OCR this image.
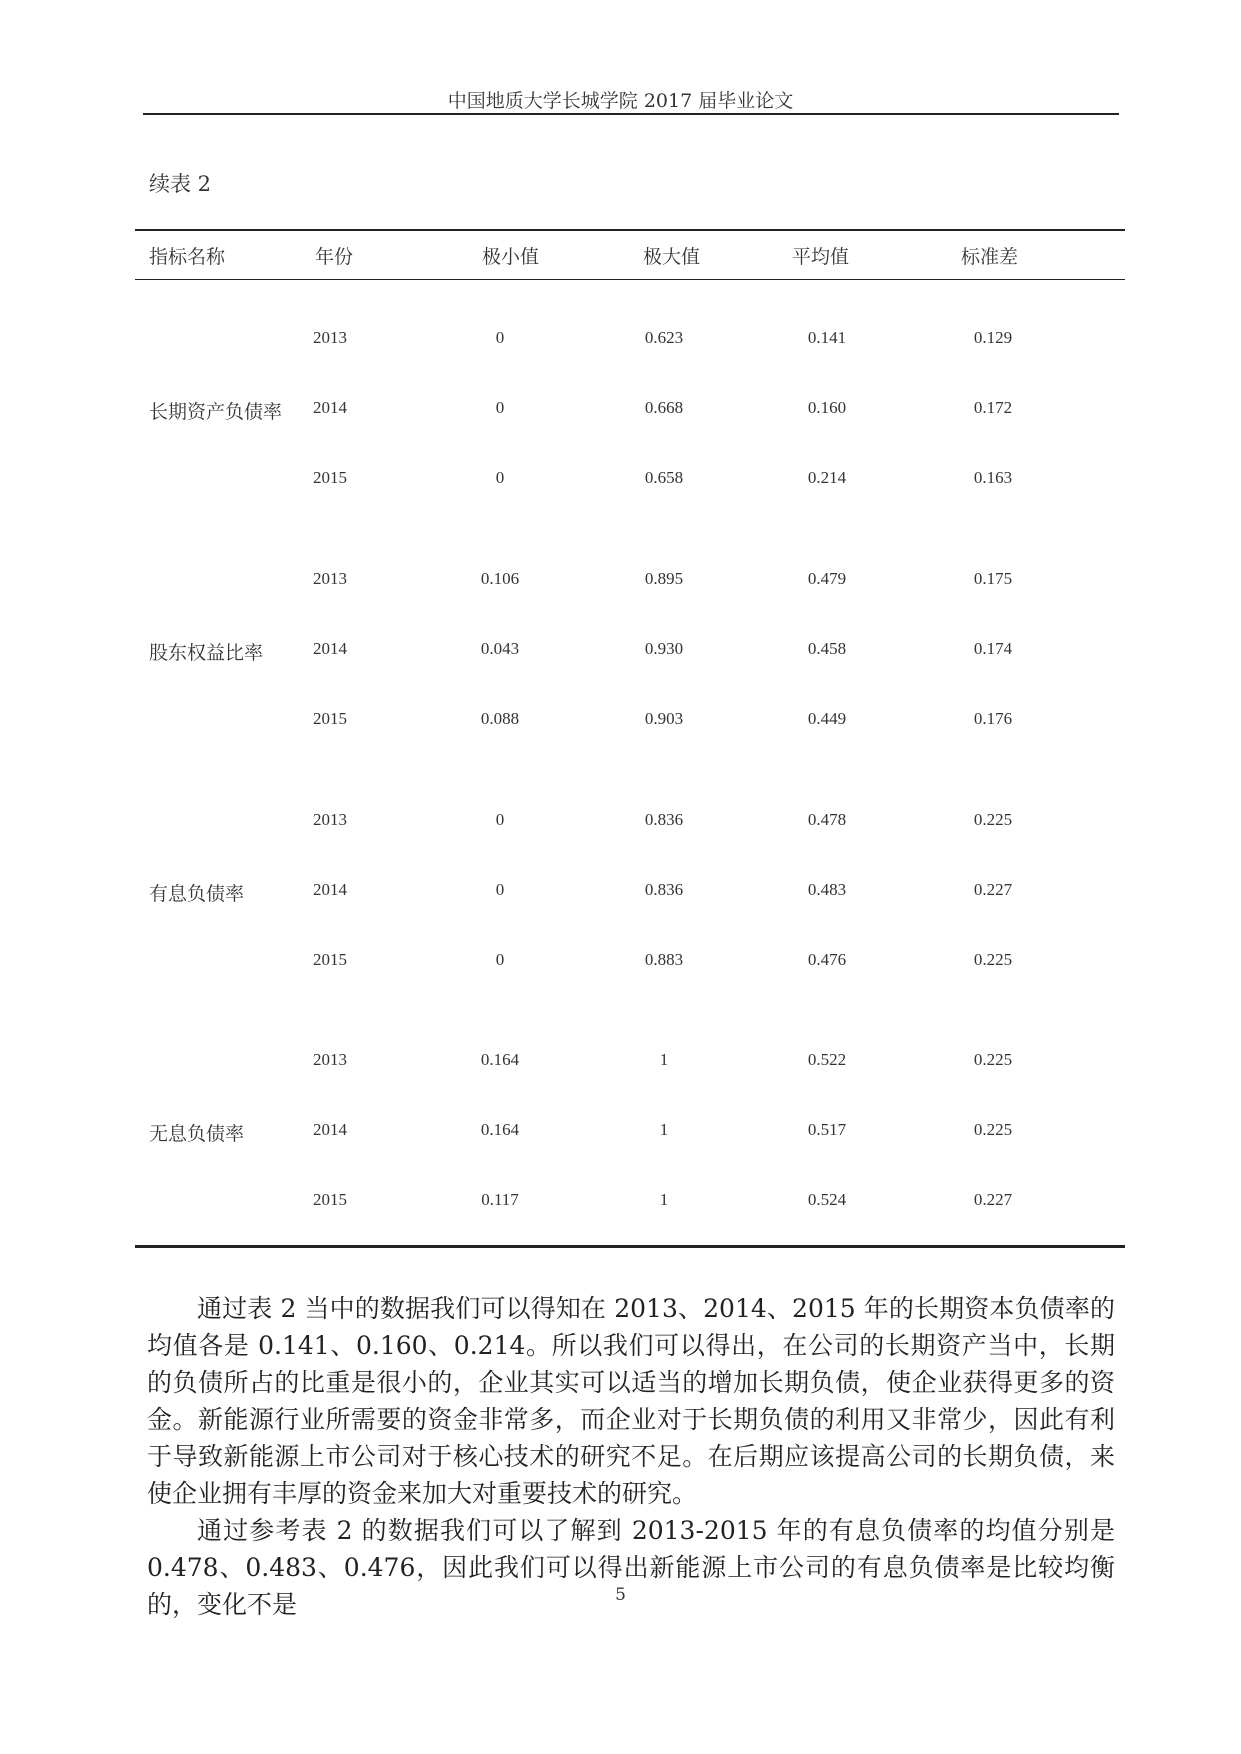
中国地质大学长城学院 2017 届毕业论文
续表 2
指标名称	年份	极小值	极大值	平均值	标准差
长期资产负债率
2013	0	0.623	0.141	0.129
2014	0	0.668	0.160	0.172
2015	0	0.658	0.214	0.163
股东权益比率
2013	0.106	0.895	0.479	0.175
2014	0.043	0.930	0.458	0.174
2015	0.088	0.903	0.449	0.176
有息负债率
2013	0	0.836	0.478	0.225
2014	0	0.836	0.483	0.227
2015	0	0.883	0.476	0.225
无息负债率
2013	0.164	1	0.522	0.225
2014	0.164	1	0.517	0.225
2015	0.117	1	0.524	0.227

通过表 2 当中的数据我们可以得知在 2013、2014、2015 年的长期资本负债率的均值各是 0.141、0.160、0.214。所以我们可以得出，在公司的长期资产当中，长期的负债所占的比重是很小的，企业其实可以适当的增加长期负债，使企业获得更多的资金。新能源行业所需要的资金非常多，而企业对于长期负债的利用又非常少，因此有利于导致新能源上市公司对于核心技术的研究不足。在后期应该提高公司的长期负债，来使企业拥有丰厚的资金来加大对重要技术的研究。

通过参考表 2 的数据我们可以了解到 2013-2015 年的有息负债率的均值分别是 0.478、0.483、0.476，因此我们可以得出新能源上市公司的有息负债率是比较均衡的，变化不是	5
